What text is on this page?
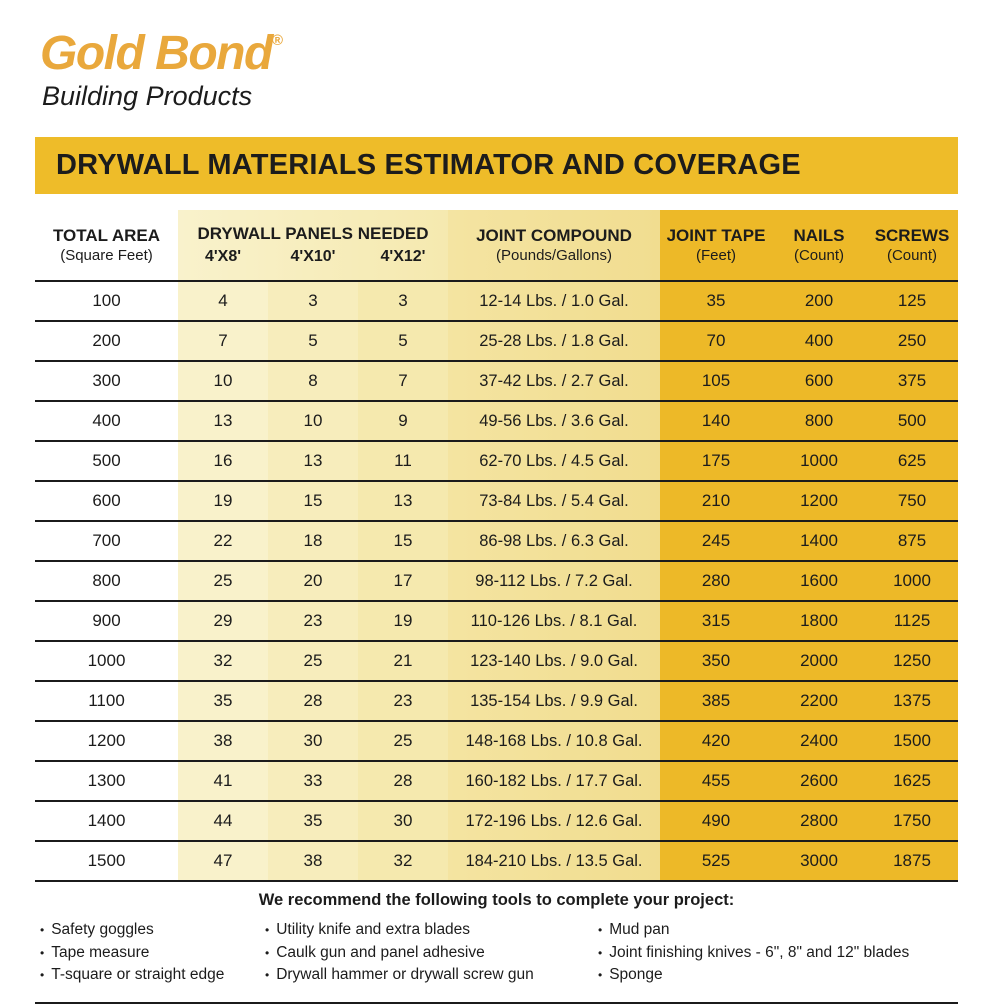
Gold Bond®
Building Products
DRYWALL MATERIALS ESTIMATOR AND COVERAGE
TOTAL AREA
(Square Feet)

DRYWALL PANELS NEEDED
4'X8'	4'X10'	4'X12'

JOINT COMPOUND
(Pounds/Gallons)

JOINT TAPE
(Feet)

NAILS
(Count)

SCREWS
(Count)

100	4	3	3	12-14 Lbs. / 1.0 Gal.	35	200	125
200	7	5	5	25-28 Lbs. / 1.8 Gal.	70	400	250
300	10	8	7	37-42 Lbs. / 2.7 Gal.	105	600	375
400	13	10	9	49-56 Lbs. / 3.6 Gal.	140	800	500
500	16	13	11	62-70 Lbs. / 4.5 Gal.	175	1000	625
600	19	15	13	73-84 Lbs. / 5.4 Gal.	210	1200	750
700	22	18	15	86-98 Lbs. / 6.3 Gal.	245	1400	875
800	25	20	17	98-112 Lbs. / 7.2 Gal.	280	1600	1000
900	29	23	19	110-126 Lbs. / 8.1 Gal.	315	1800	1125
1000	32	25	21	123-140 Lbs. / 9.0 Gal.	350	2000	1250
1100	35	28	23	135-154 Lbs. / 9.9 Gal.	385	2200	1375
1200	38	30	25	148-168 Lbs. / 10.8 Gal.	420	2400	1500
1300	41	33	28	160-182 Lbs. / 17.7 Gal.	455	2600	1625
1400	44	35	30	172-196 Lbs. / 12.6 Gal.	490	2800	1750
1500	47	38	32	184-210 Lbs. / 13.5 Gal.	525	3000	1875
We recommend the following tools to complete your project:
• Safety goggles
• Tape measure
• T-square or straight edge
• Utility knife and extra blades
• Caulk gun and panel adhesive
• Drywall hammer or drywall screw gun
• Mud pan
• Joint finishing knives - 6", 8" and 12" blades
• Sponge
